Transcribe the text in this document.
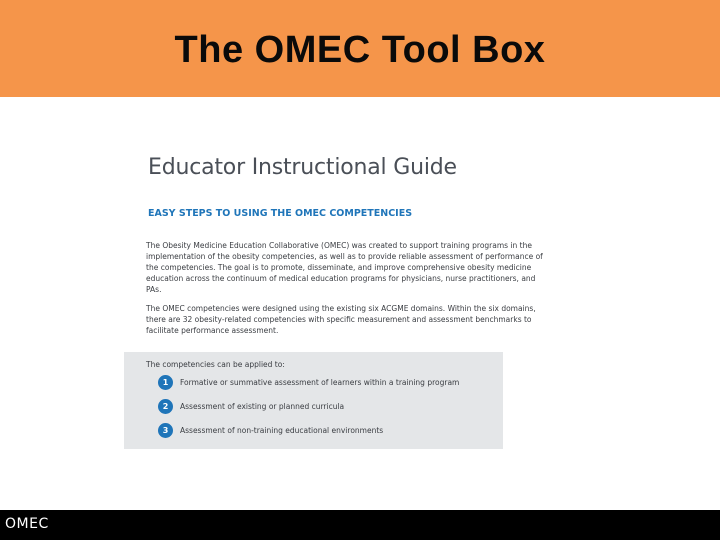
The OMEC Tool Box
Educator Instructional Guide
EASY STEPS TO USING THE OMEC COMPETENCIES

The Obesity Medicine Education Collaborative (OMEC) was created to support training programs in the implementation of the obesity competencies, as well as to provide reliable assessment of performance of the competencies. The goal is to promote, disseminate, and improve comprehensive obesity medicine education across the continuum of medical education programs for physicians, nurse practitioners, and PAs.

The OMEC competencies were designed using the existing six ACGME domains. Within the six domains, there are 32 obesity-related competencies with specific measurement and assessment benchmarks to facilitate performance assessment.

The competencies can be applied to:

1	Formative or summative assessment of learners within a training program
2	Assessment of existing or planned curricula
3	Assessment of non-training educational environments
OMEC
